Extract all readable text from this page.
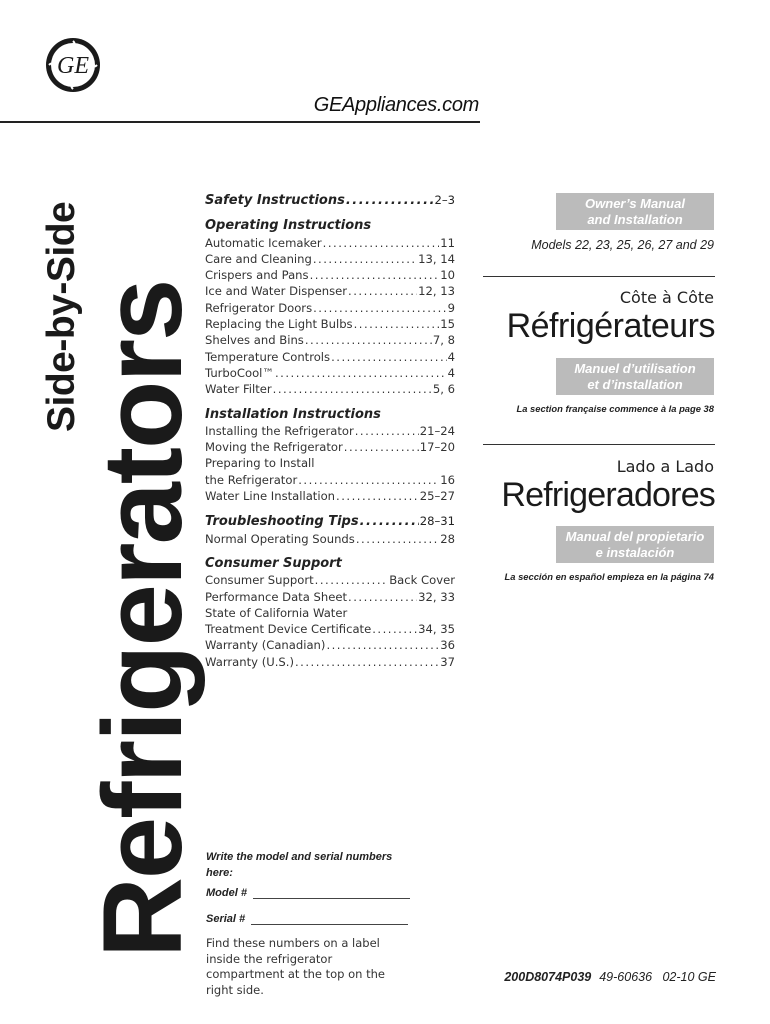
GE
GEAppliances.com
Side-by-Side
Refrigerators
Safety Instructions .....	2–3
Operating Instructions
Automatic Icemaker .....	11
Care and Cleaning .....	13, 14
Crispers and Pans .....	10
Ice and Water Dispenser .....	12, 13
Refrigerator Doors .....	9
Replacing the Light Bulbs .....	15
Shelves and Bins .....	7, 8
Temperature Controls .....	4
TurboCool™ .....	4
Water Filter .....	5, 6
Installation Instructions
Installing the Refrigerator .....	21–24
Moving the Refrigerator .....	17–20
Preparing to Install
the Refrigerator .....	16
Water Line Installation .....	25–27
Troubleshooting Tips .....	28–31
Normal Operating Sounds .....	28
Consumer Support
Consumer Support .....	Back Cover
Performance Data Sheet .....	32, 33
State of California Water
Treatment Device Certificate .....	34, 35
Warranty (Canadian) .....	36
Warranty (U.S.) .....	37
Owner’s Manual
and Installation
Models 22, 23, 25, 26, 27 and 29
Côte à Côte
Réfrigérateurs
Manuel d’utilisation
et d’installation
La section française commence à la page 38
Lado a Lado
Refrigeradores
Manual del propietario
e instalación
La sección en español empieza en la página 74
Write the model and serial numbers
here:
Model #
Serial #
Find these numbers on a label inside the refrigerator compartment at the top on the right side.
200D8074P039 49-60636 02-10 GE
